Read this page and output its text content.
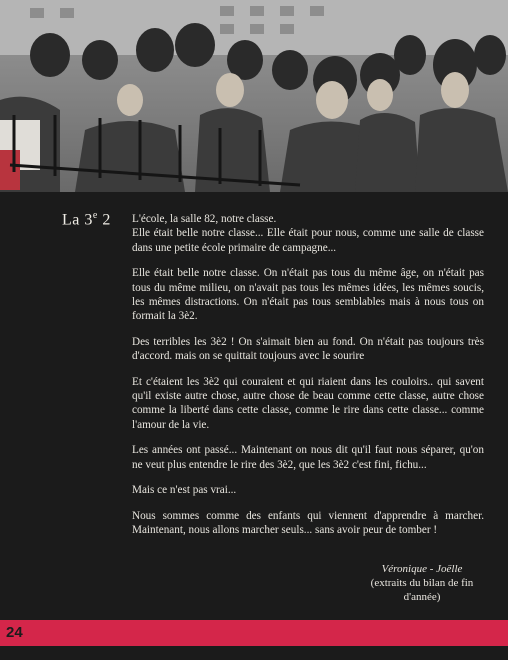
La 3e 2 L'école, la salle 82, notre classe.

Elle était belle notre classe... Elle était pour nous, comme une salle de classe dans une petite école primaire de campagne...

Elle était belle notre classe. On n'était pas tous du même âge, on n'était pas tous du même milieu, on n'avait pas tous les mêmes idées, les mêmes soucis, les mêmes distractions. On n'était pas tous semblables mais à nous tous on formait la 3è2.

Des terribles les 3è2 ! On s'aimait bien au fond. On n'était pas toujours très d'accord. mais on se quittait toujours avec le sourire

Et c'étaient les 3è2 qui couraient et qui riaient dans les couloirs.. qui savent qu'il existe autre chose, autre chose de beau comme cette classe, autre chose comme la liberté dans cette classe, comme le rire dans cette classe... comme l'amour de la vie.

Les années ont passé... Maintenant on nous dit qu'il faut nous séparer, qu'on ne veut plus entendre le rire des 3è2, que les 3è2 c'est fini, fichu...

Mais ce n'est pas vrai...

Nous sommes comme des enfants qui viennent d'apprendre à marcher. Maintenant, nous allons marcher seuls... sans avoir peur de tomber !

Véronique - Joëlle
(extraits du bilan de fin d'année)
24
